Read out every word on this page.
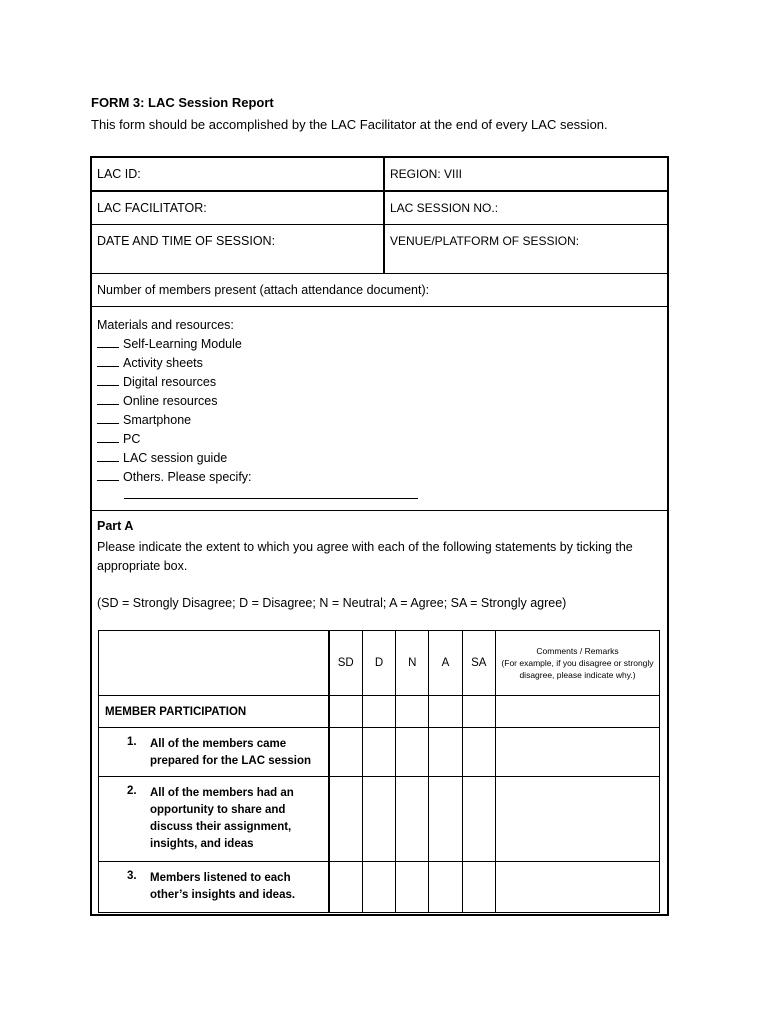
FORM 3: LAC Session Report
This form should be accomplished by the LAC Facilitator at the end of every LAC session.
LAC ID:	REGION: VIII
LAC FACILITATOR:	LAC SESSION NO.:
DATE AND TIME OF SESSION:	VENUE/PLATFORM OF SESSION:
Number of members present (attach attendance document):
Materials and resources:
Self-Learning Module
Activity sheets
Digital resources
Online resources
Smartphone
PC
LAC session guide
Others. Please specify:
Part A
Please indicate the extent to which you agree with each of the following statements by ticking the appropriate box.
(SD = Strongly Disagree; D = Disagree; N = Neutral; A = Agree; SA = Strongly agree)
	SD	D	N	A	SA	Comments / Remarks
(For example, if you disagree or strongly disagree, please indicate why.)

MEMBER PARTICIPATION						

1. All of the members came prepared for the LAC session						

2. All of the members had an opportunity to share and discuss their assignment, insights, and ideas						

3. Members listened to each other’s insights and ideas.						
